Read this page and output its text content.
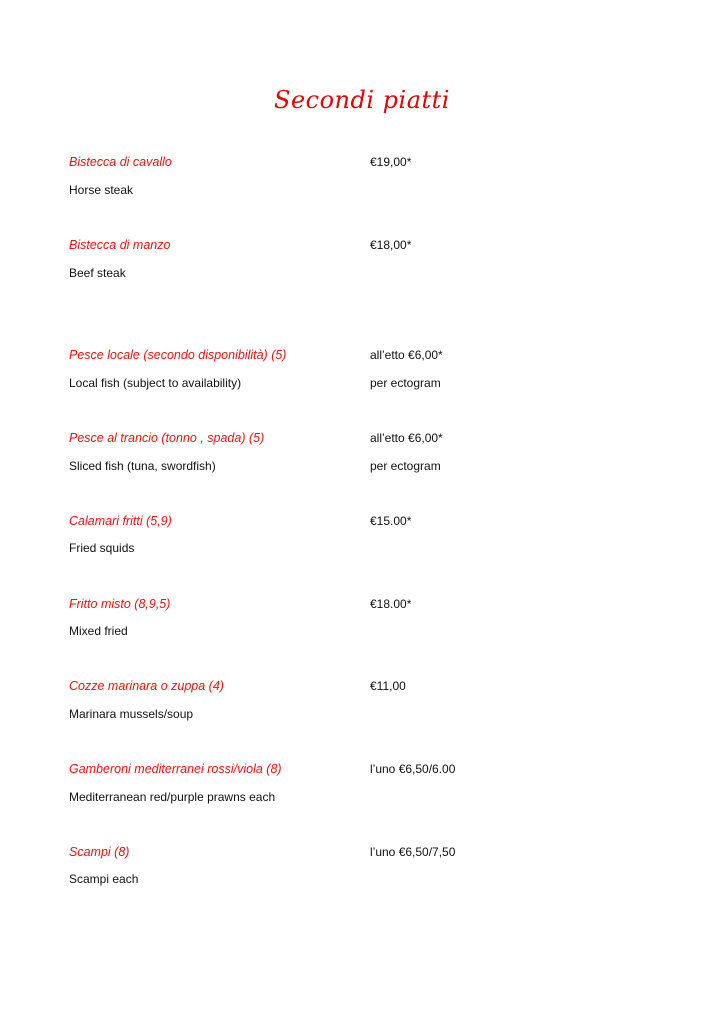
Secondi piatti
Bistecca di cavallo	€19,00*
Horse steak
Bistecca di manzo	€18,00*
Beef steak
Pesce locale (secondo disponibilità) (5)	all’etto €6,00*
Local fish (subject to availability)	per ectogram
Pesce al trancio (tonno , spada) (5)	all’etto €6,00*
Sliced fish (tuna, swordfish)	per ectogram
Calamari fritti (5,9)	€15.00*
Fried squids
Fritto misto (8,9,5)	€18.00*
Mixed fried
Cozze marinara o zuppa (4)	€11,00
Marinara mussels/soup
Gamberoni mediterranei rossi/viola (8)	l’uno €6,50/6.00
Mediterranean red/purple prawns each
Scampi (8)	l’uno €6,50/7,50
Scampi each
